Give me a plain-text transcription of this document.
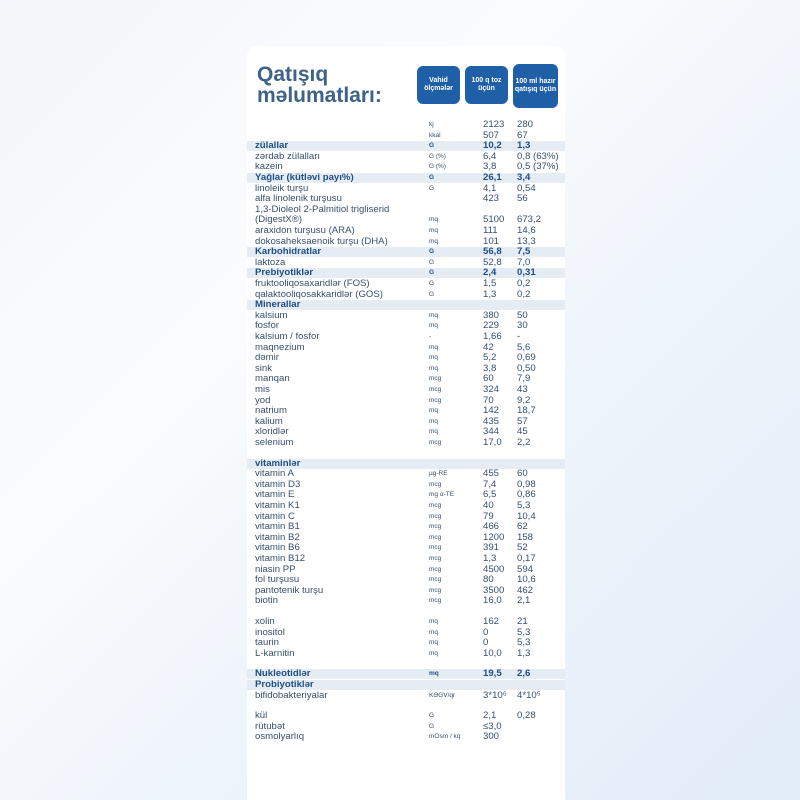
Qatışıq
məlumatları:
Vahid ölçmələr
100 q toz üçün
100 ml hazır qatışıq üçün
kj	2123 280
kkal	507 67
zülallar	G	10,2 1,3
zərdab zülalları	G (%)	6,4 0,8 (63%)
kazein	G (%)	3,8 0,5 (37%)
Yağlar (kütləvi payı%)	G	26,1 3,4
linoleik turşu	G	4,1 0,54
alfa linolenik turşusu	423 56
1,3-Dioleol 2-Palmitiol trigliserid
(DigestX®)	mq	5100 673,2
araxidon turşusu (ARA)	mq	111 14,6
dokosaheksaenoik turşu (DHA)	mq	101 13,3
Karbohidratlar	G	56,8 7,5
laktoza	G	52,8 7,0
Prebiyotiklər	G	2,4 0,31
fruktooliqosaxaridlər (FOS)	G	1,5 0,2
qalaktooliqosakkaridlər (GOS)	G	1,3 0,2
Minerallar
kalsium	mq	380 50
fosfor	mq	229 30
kalsium / fosfor	-	1,66 -
maqnezium	mq	42 5,6
dəmir	mq	5,2 0,69
sink	mq	3,8 0,50
manqan	mcg	60 7,9
mis	mcg	324 43
yod	mcg	70 9,2
natrium	mq	142 18,7
kalium	mq	435 57
xloridlər	mq	344 45
selenium	mcg	17,0 2,2
vitaminlər
vitamin A	µg-RE	455 60
vitamin D3	mcg	7,4 0,98
vitamin E	mg α-TE	6,5 0,86
vitamin K1	mcg	40 5,3
vitamin C	mcg	79 10,4
vitamin B1	mcg	466 62
vitamin B2	mcg	1200 158
vitamin B6	mcg	391 52
vitamin B12	mcg	1,3 0,17
niasin PP	mcg	4500 594
fol turşusu	mcg	80 10,6
pantotenik turşu	mcg	3500 462
biotin	mcg	16,0 2,1
xolin	mq	162 21
inositol	mq	0	5,3
taurin	mq	0	5,3
L-karnitin	mq	10,0 1,3
Nukleotidlər	mq	19,5 2,6
Probiyotiklər
bifidobakteriyalar	KƏGV/qr	3*10⁶ 4*10⁵
kül	G	2,1 0,28
rütubət	G	≤3,0
osmolyarlıq	mOsm / kq 300
